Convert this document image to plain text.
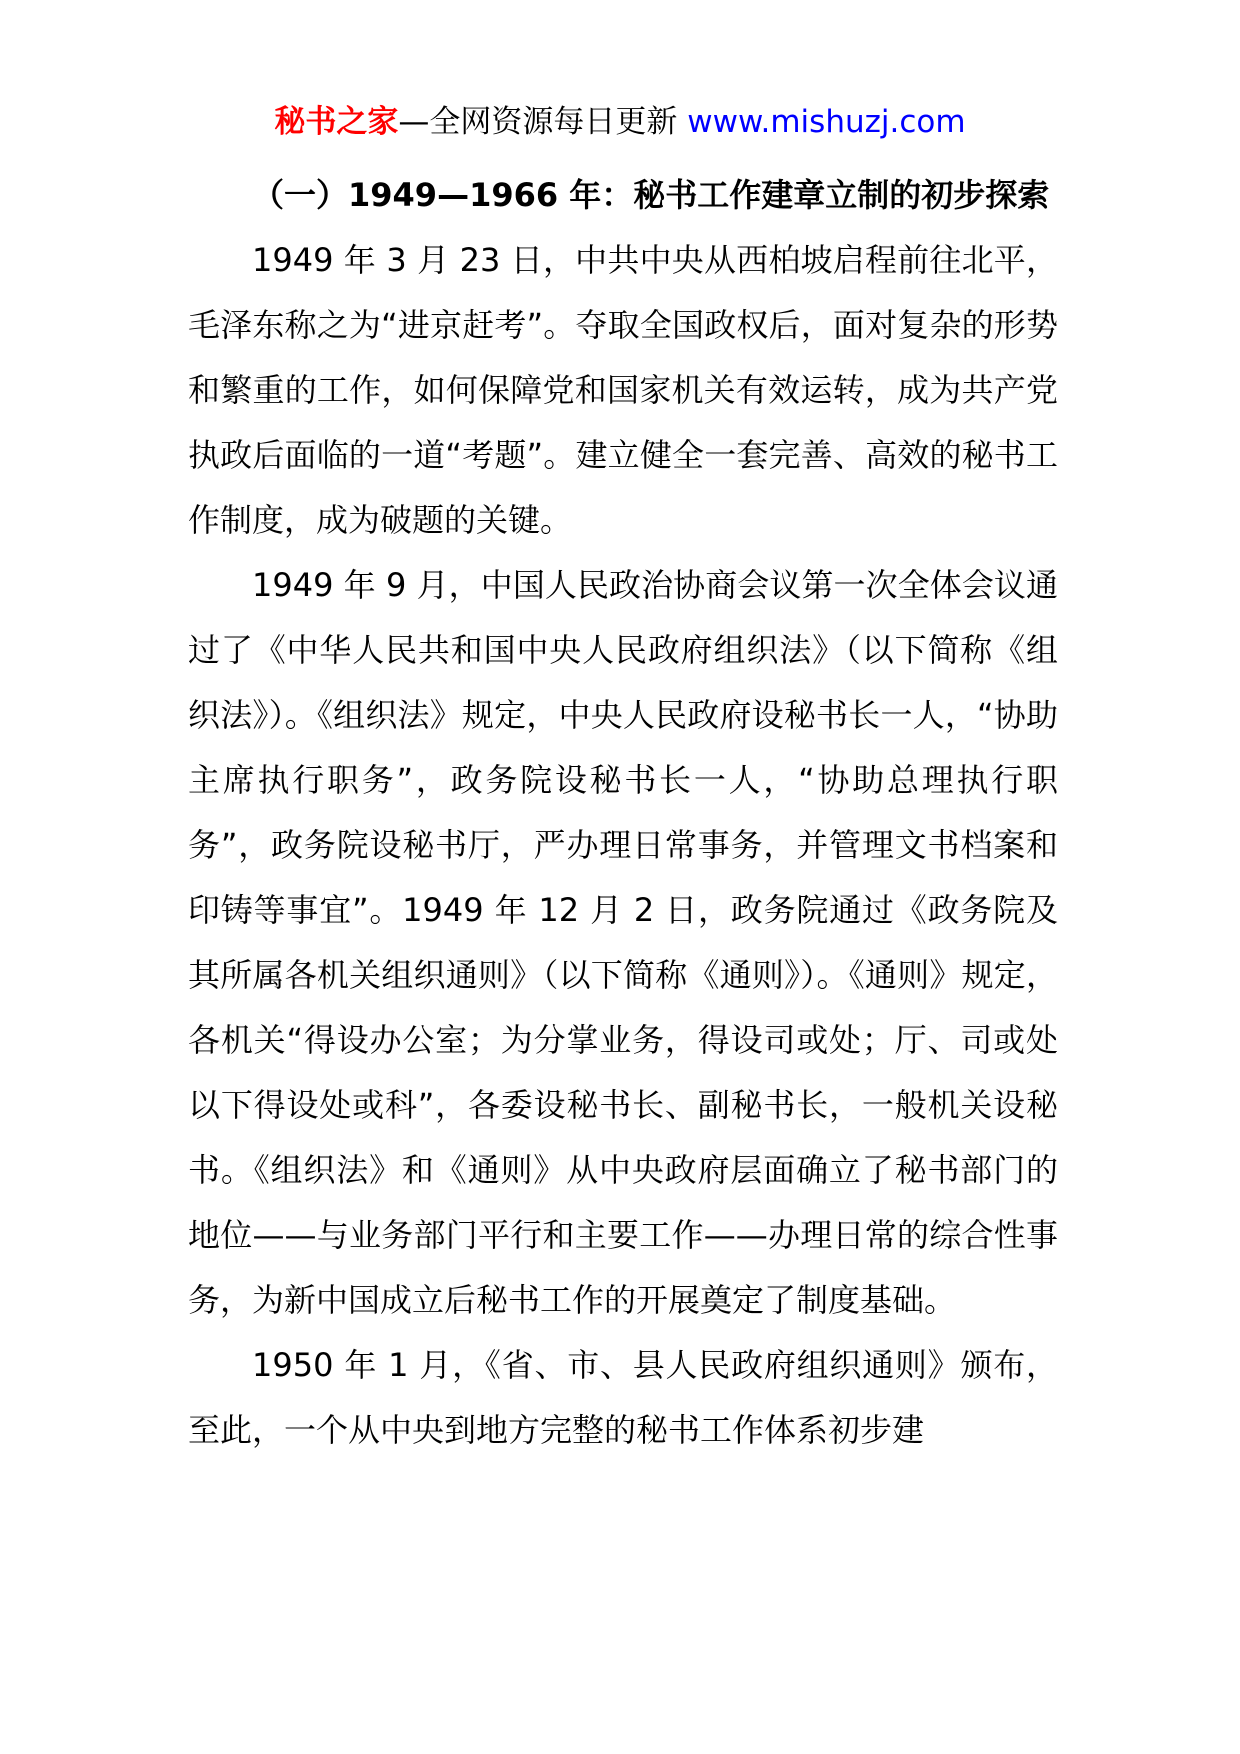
秘书之家—全网资源每日更新 www.mishuzj.com

（一）1949—1966 年：秘书工作建章立制的初步探索

1949 年 3 月 23 日，中共中央从西柏坡启程前往北平，毛泽东称之为“进京赶考”。夺取全国政权后，面对复杂的形势和繁重的工作，如何保障党和国家机关有效运转，成为共产党执政后面临的一道“考题”。建立健全一套完善、高效的秘书工作制度，成为破题的关键。

1949 年 9 月，中国人民政治协商会议第一次全体会议通过了《中华人民共和国中央人民政府组织法》（以下简称《组织法》）。《组织法》规定，中央人民政府设秘书长一人，“协助主席执行职务”，政务院设秘书长一人，“协助总理执行职务”，政务院设秘书厅，严办理日常事务，并管理文书档案和印铸等事宜”。1949 年 12 月 2 日，政务院通过《政务院及其所属各机关组织通则》（以下简称《通则》）。《通则》规定，各机关“得设办公室；为分掌业务，得设司或处；厅、司或处以下得设处或科”，各委设秘书长、副秘书长，一般机关设秘书。《组织法》和《通则》从中央政府层面确立了秘书部门的地位——与业务部门平行和主要工作——办理日常的综合性事务，为新中国成立后秘书工作的开展奠定了制度基础。

1950 年 1 月，《省、市、县人民政府组织通则》颁布，至此，一个从中央到地方完整的秘书工作体系初步建
